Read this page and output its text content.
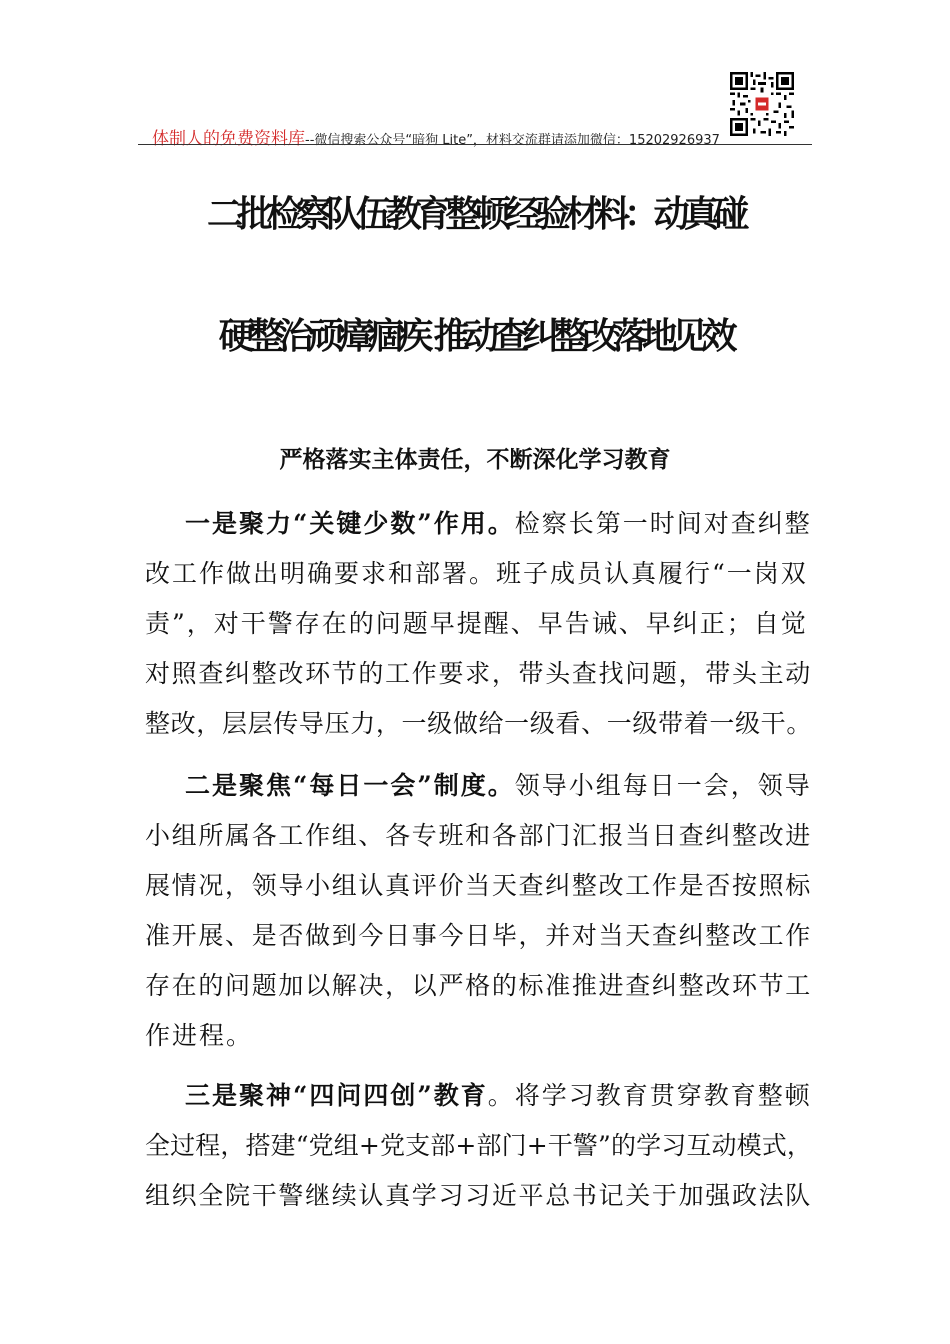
体制人的免费资料库--微信搜索公众号“暗狗 Lite”，材料交流群请添加微信：15202926937
二批检察队伍教育整顿经验材料：动真碰
硬整治顽瘴痼疾 推动查纠整改落地见效
严格落实主体责任，不断深化学习教育
一是聚力“关键少数”作用。检察长第一时间对查纠整
改工作做出明确要求和部署。班子成员认真履行“一岗双
责”，对干警存在的问题早提醒、早告诫、早纠正；自觉
对照查纠整改环节的工作要求，带头查找问题，带头主动
整改，层层传导压力，一级做给一级看、一级带着一级干。
二是聚焦“每日一会”制度。领导小组每日一会，领导
小组所属各工作组、各专班和各部门汇报当日查纠整改进
展情况，领导小组认真评价当天查纠整改工作是否按照标
准开展、是否做到今日事今日毕，并对当天查纠整改工作
存在的问题加以解决，以严格的标准推进查纠整改环节工
作进程。
三是聚神“四问四创”教育。将学习教育贯穿教育整顿
全过程，搭建“党组+党支部+部门+干警”的学习互动模式，
组织全院干警继续认真学习习近平总书记关于加强政法队
